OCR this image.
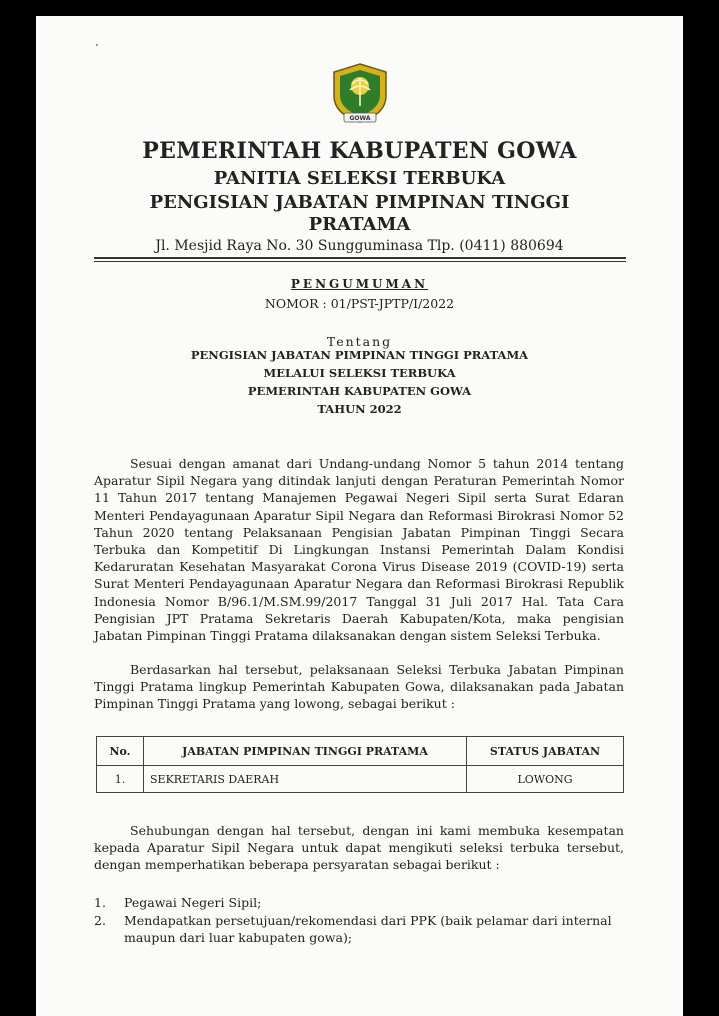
GOWA
PEMERINTAH KABUPATEN GOWA
PANITIA SELEKSI TERBUKA
PENGISIAN JABATAN PIMPINAN TINGGI
PRATAMA
Jl. Mesjid Raya No. 30 Sungguminasa Tlp. (0411) 880694
PENGUMUMAN
NOMOR : 01/PST-JPTP/I/2022
Tentang
PENGISIAN JABATAN PIMPINAN TINGGI PRATAMA
MELALUI SELEKSI TERBUKA
PEMERINTAH KABUPATEN GOWA
TAHUN 2022
Sesuai dengan amanat dari Undang-undang Nomor 5 tahun 2014 tentang Aparatur Sipil Negara yang ditindak lanjuti dengan Peraturan Pemerintah Nomor 11 Tahun 2017 tentang Manajemen Pegawai Negeri Sipil serta Surat Edaran Menteri Pendayagunaan Aparatur Sipil Negara dan Reformasi Birokrasi Nomor 52 Tahun 2020 tentang Pelaksanaan Pengisian Jabatan Pimpinan Tinggi Secara Terbuka dan Kompetitif Di Lingkungan Instansi Pemerintah Dalam Kondisi Kedaruratan Kesehatan Masyarakat Corona Virus Disease 2019 (COVID-19) serta Surat Menteri Pendayagunaan Aparatur Negara dan Reformasi Birokrasi Republik Indonesia Nomor B/96.1/M.SM.99/2017 Tanggal 31 Juli 2017 Hal. Tata Cara Pengisian JPT Pratama Sekretaris Daerah Kabupaten/Kota, maka pengisian Jabatan Pimpinan Tinggi Pratama dilaksanakan dengan sistem Seleksi Terbuka.
Berdasarkan hal tersebut, pelaksanaan Seleksi Terbuka Jabatan Pimpinan Tinggi Pratama lingkup Pemerintah Kabupaten Gowa, dilaksanakan pada Jabatan Pimpinan Tinggi Pratama yang lowong, sebagai berikut :
No.	JABATAN PIMPINAN TINGGI PRATAMA	STATUS JABATAN
1.	SEKRETARIS DAERAH	LOWONG
Sehubungan dengan hal tersebut, dengan ini kami membuka kesempatan kepada Aparatur Sipil Negara untuk dapat mengikuti seleksi terbuka tersebut, dengan memperhatikan beberapa persyaratan sebagai berikut :
1.	Pegawai Negeri Sipil;
2.	Mendapatkan persetujuan/rekomendasi dari PPK (baik pelamar dari internal maupun dari luar kabupaten gowa);
